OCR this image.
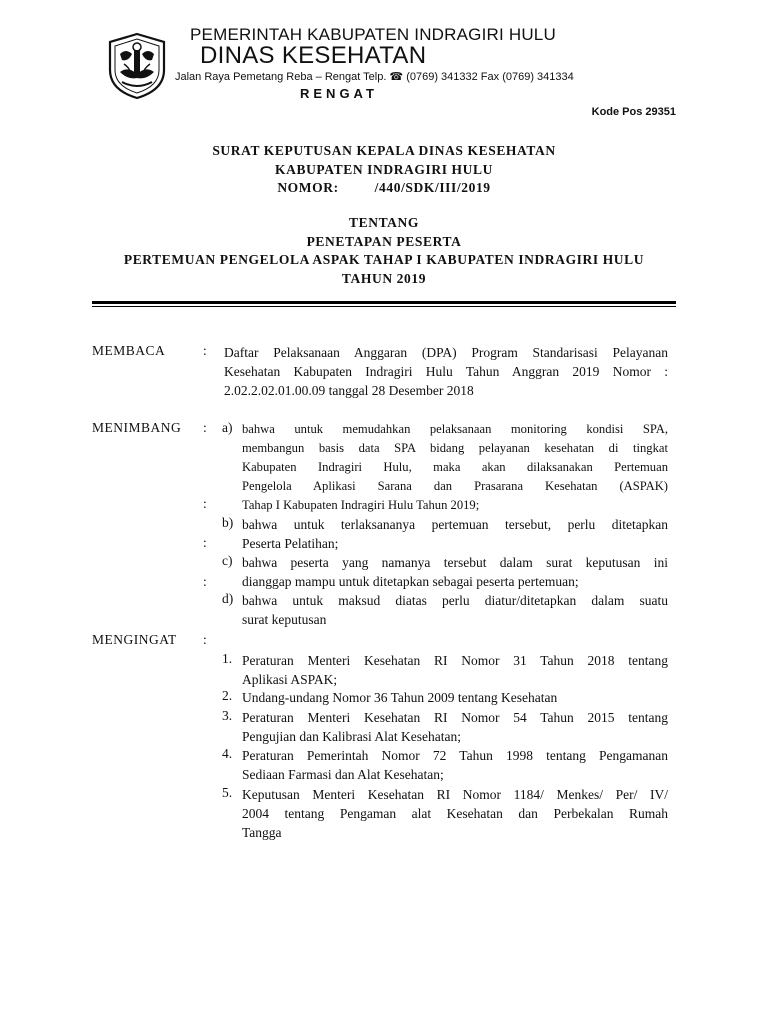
PEMERINTAH KABUPATEN INDRAGIRI HULU
DINAS KESEHATAN
Jalan Raya Pemetang Reba – Rengat Telp. ☎ (0769) 341332 Fax (0769) 341334
RENGAT
Kode Pos 29351
SURAT KEPUTUSAN KEPALA DINAS KESEHATAN
KABUPATEN INDRAGIRI HULU
NOMOR:	/440/SDK/III/2019
TENTANG
PENETAPAN PESERTA
PERTEMUAN PENGELOLA ASPAK TAHAP I KABUPATEN INDRAGIRI HULU
TAHUN 2019
MEMBACA	: Daftar Pelaksanaan Anggaran (DPA) Program Standarisasi Pelayanan
Kesehatan Kabupaten Indragiri Hulu Tahun Anggran 2019 Nomor :
2.02.2.02.01.00.09 tanggal 28 Desember 2018
MENIMBANG :
:
:
:
a) bahwa untuk memudahkan pelaksanaan monitoring kondisi SPA,
membangun basis data SPA bidang pelayanan kesehatan di tingkat
Kabupaten Indragiri Hulu, maka akan dilaksanakan Pertemuan
Pengelola Aplikasi Sarana dan Prasarana Kesehatan (ASPAK)
Tahap I Kabupaten Indragiri Hulu Tahun 2019;
b) bahwa untuk terlaksananya pertemuan tersebut, perlu ditetapkan
Peserta Pelatihan;
c) bahwa peserta yang namanya tersebut dalam surat keputusan ini
dianggap mampu untuk ditetapkan sebagai peserta pertemuan;
d) bahwa untuk maksud diatas perlu diatur/ditetapkan dalam suatu
surat keputusan
MENGINGAT :
1. Peraturan Menteri Kesehatan RI Nomor 31 Tahun 2018 tentang
Aplikasi ASPAK;
2. Undang-undang Nomor 36 Tahun 2009 tentang Kesehatan
3. Peraturan Menteri Kesehatan RI Nomor 54 Tahun 2015 tentang
Pengujian dan Kalibrasi Alat Kesehatan;
4. Peraturan Pemerintah Nomor 72 Tahun 1998 tentang Pengamanan
Sediaan Farmasi dan Alat Kesehatan;
5. Keputusan Menteri Kesehatan RI Nomor 1184/ Menkes/ Per/ IV/
2004 tentang Pengaman alat Kesehatan dan Perbekalan Rumah
Tangga
